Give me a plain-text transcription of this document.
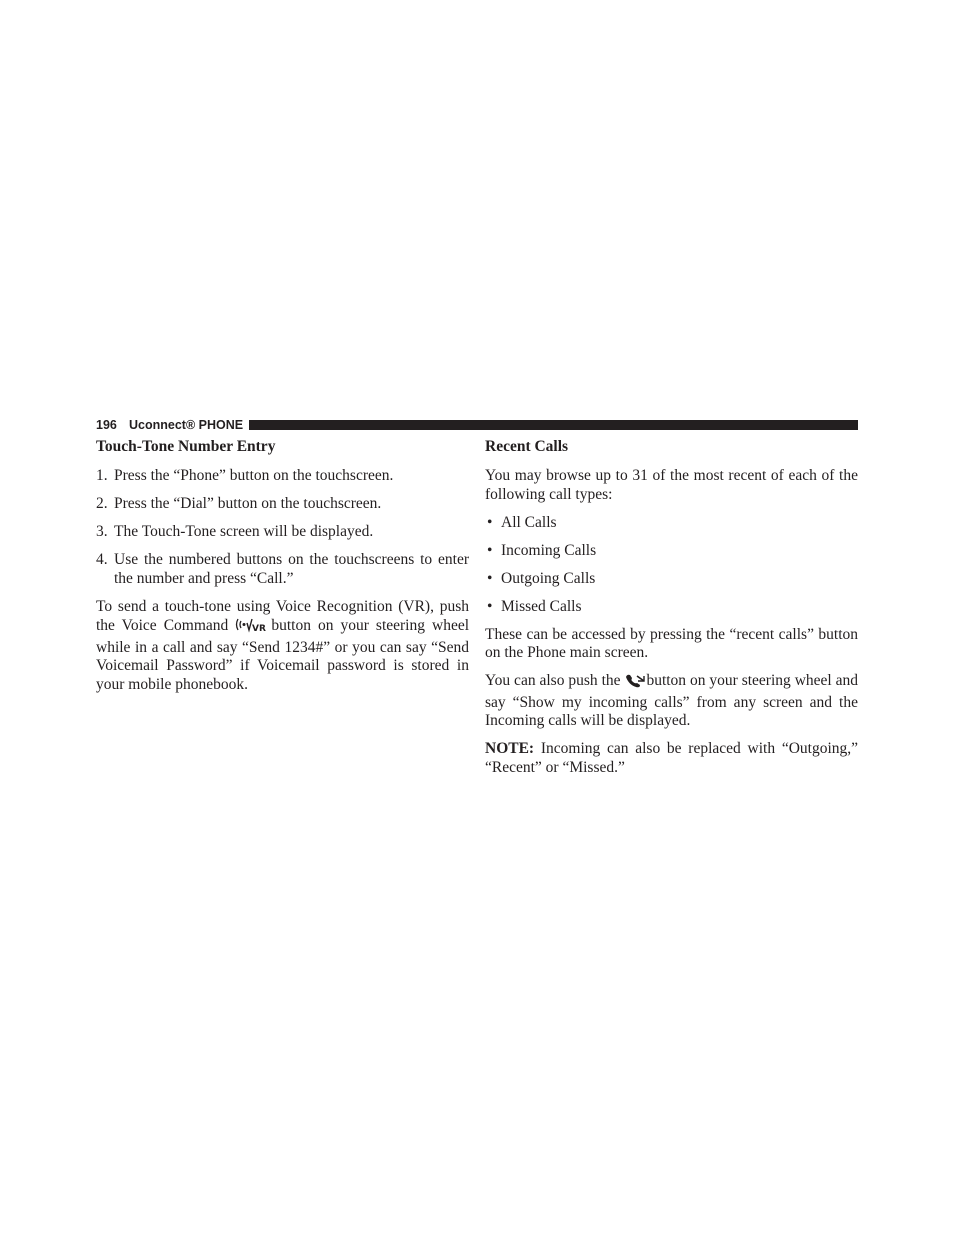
196 Uconnect® PHONE
Touch-Tone Number Entry
1. Press the “Phone” button on the touchscreen.
2. Press the “Dial” button on the touchscreen.
3. The Touch-Tone screen will be displayed.
4. Use the numbered buttons on the touchscreens to enter the number and press “Call.”

To send a touch-tone using Voice Recognition (VR), push the Voice Command	VR button on your steering wheel while in a call and say “Send 1234#” or you can say “Send Voicemail Password” if Voicemail password is stored in your mobile phonebook.

Recent Calls

You may browse up to 31 of the most recent of each of the following call types:

• All Calls
• Incoming Calls
• Outgoing Calls
• Missed Calls

These can be accessed by pressing the “recent calls” button on the Phone main screen.

You can also push the button on your steering wheel and say “Show my incoming calls” from any screen and the Incoming calls will be displayed.

NOTE: Incoming can also be replaced with “Outgoing,” “Recent” or “Missed.”
